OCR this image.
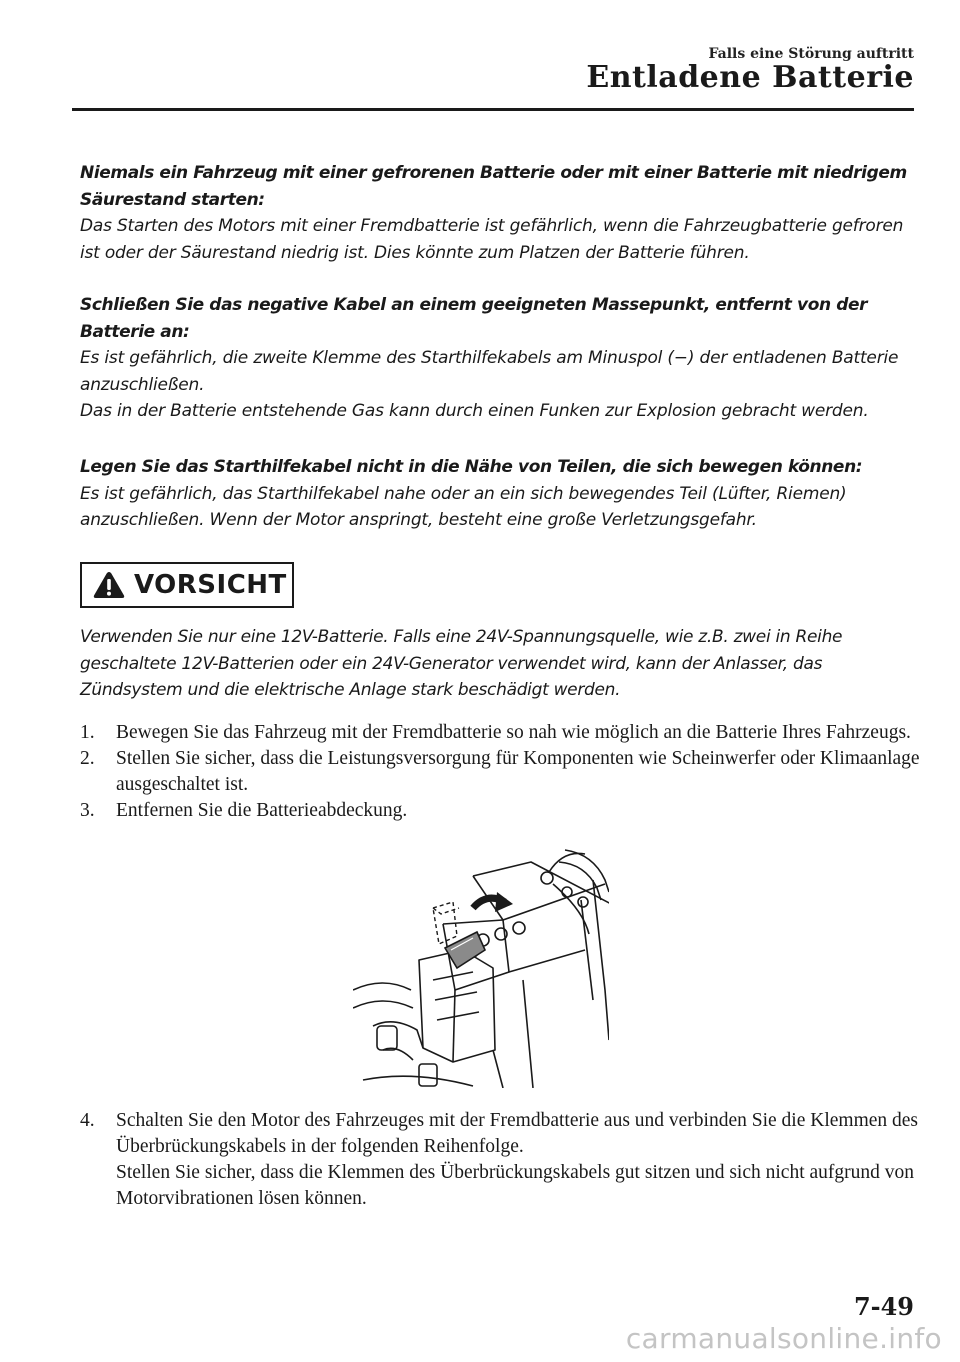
Falls eine Störung auftritt
Entladene Batterie
Niemals ein Fahrzeug mit einer gefrorenen Batterie oder mit einer Batterie mit niedrigem Säurestand starten:
Das Starten des Motors mit einer Fremdbatterie ist gefährlich, wenn die Fahrzeugbatterie gefroren ist oder der Säurestand niedrig ist. Dies könnte zum Platzen der Batterie führen.
Schließen Sie das negative Kabel an einem geeigneten Massepunkt, entfernt von der Batterie an:
Es ist gefährlich, die zweite Klemme des Starthilfekabels am Minuspol (−) der entladenen Batterie anzuschließen.
Das in der Batterie entstehende Gas kann durch einen Funken zur Explosion gebracht werden.
Legen Sie das Starthilfekabel nicht in die Nähe von Teilen, die sich bewegen können:
Es ist gefährlich, das Starthilfekabel nahe oder an ein sich bewegendes Teil (Lüfter, Riemen) anzuschließen. Wenn der Motor anspringt, besteht eine große Verletzungsgefahr.
VORSICHT
Verwenden Sie nur eine 12V-Batterie. Falls eine 24V-Spannungsquelle, wie z.B. zwei in Reihe geschaltete 12V-Batterien oder ein 24V-Generator verwendet wird, kann der Anlasser, das Zündsystem und die elektrische Anlage stark beschädigt werden.
1.	Bewegen Sie das Fahrzeug mit der Fremdbatterie so nah wie möglich an die Batterie Ihres Fahrzeugs.
2.	Stellen Sie sicher, dass die Leistungsversorgung für Komponenten wie Scheinwerfer oder Klimaanlage ausgeschaltet ist.
3.	Entfernen Sie die Batterieabdeckung.
4.	Schalten Sie den Motor des Fahrzeuges mit der Fremdbatterie aus und verbinden Sie die Klemmen des Überbrückungskabels in der folgenden Reihenfolge.
Stellen Sie sicher, dass die Klemmen des Überbrückungskabels gut sitzen und sich nicht aufgrund von Motorvibrationen lösen können.
7-49
carmanualsonline.info
